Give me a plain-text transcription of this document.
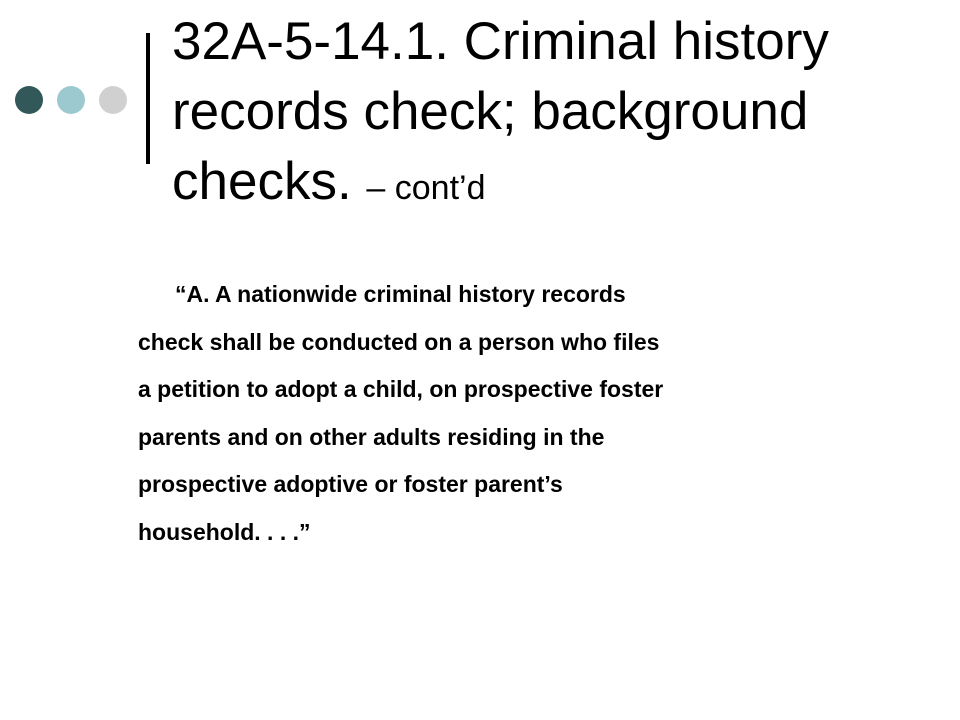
32A-5-14.1. Criminal history
records check; background
checks. – cont’d
“A. A nationwide criminal history records
check shall be conducted on a person who files
a petition to adopt a child, on prospective foster
parents and on other adults residing in the
prospective adoptive or foster parent’s
household. . . .”
